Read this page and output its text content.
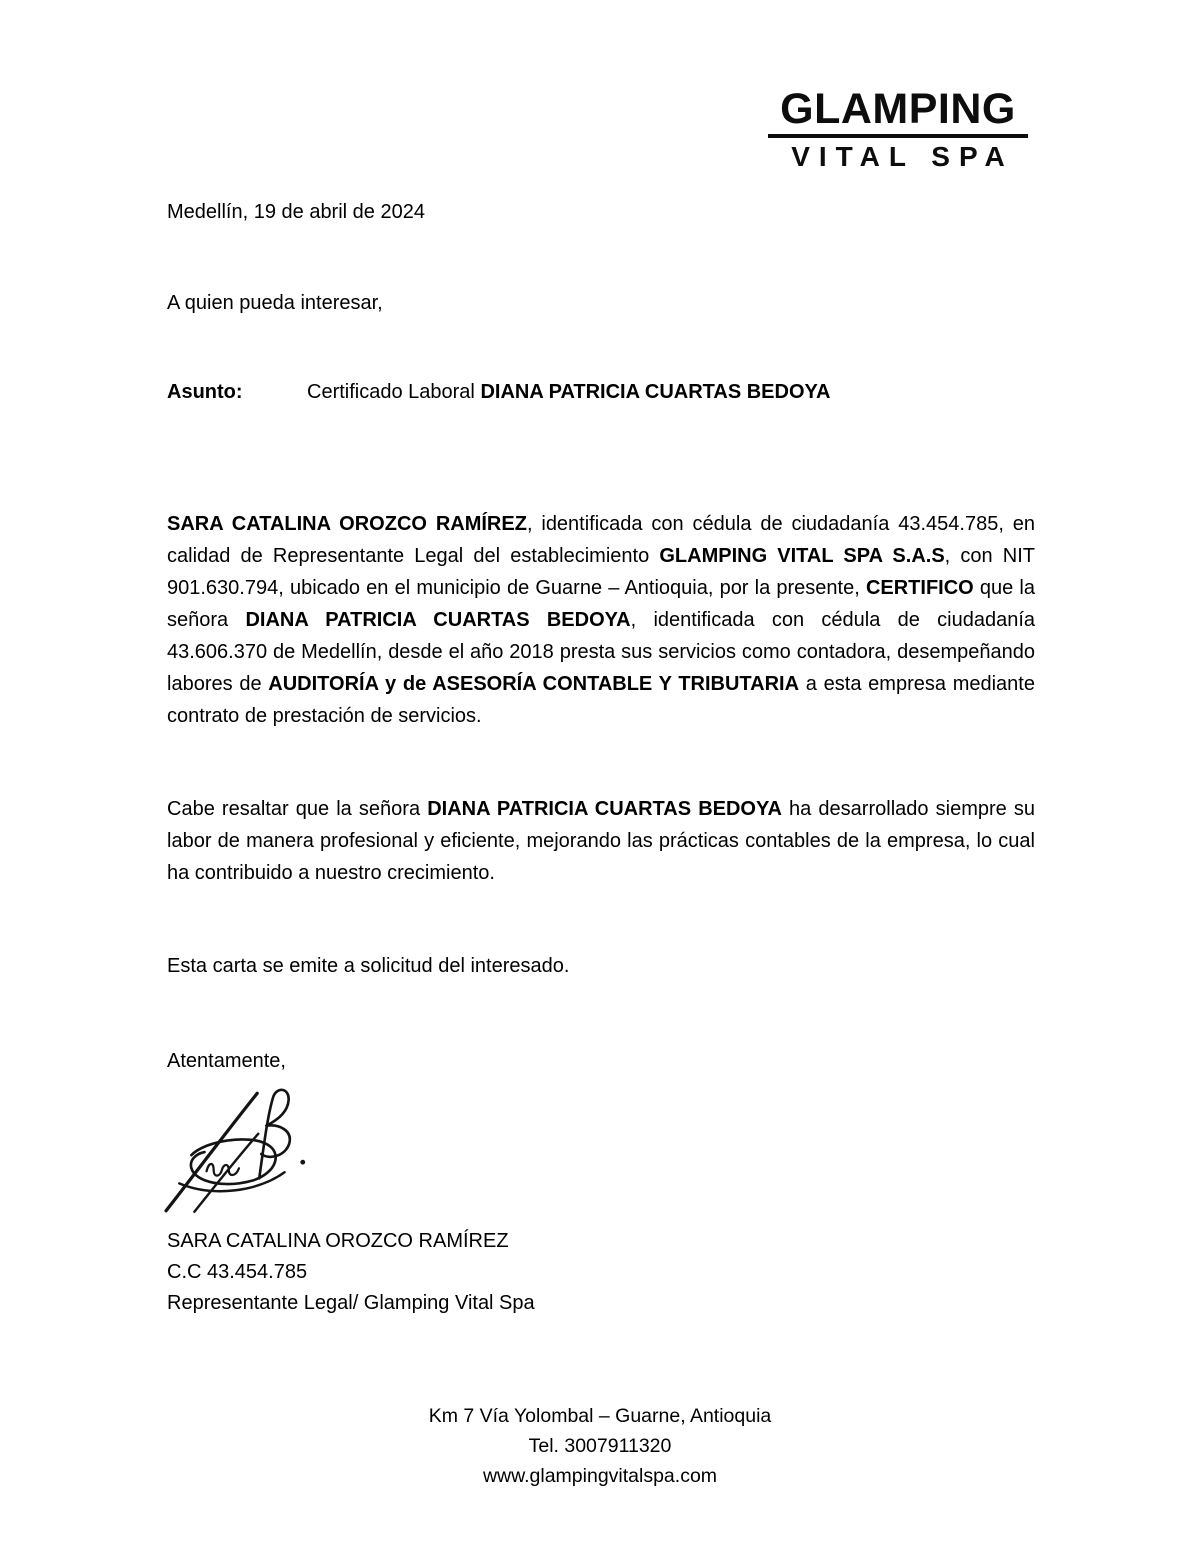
GLAMPING
VITAL SPA

Medellín, 19 de abril de 2024

A quien pueda interesar,

Asunto:	Certificado Laboral DIANA PATRICIA CUARTAS BEDOYA

SARA CATALINA OROZCO RAMÍREZ, identificada con cédula de ciudadanía 43.454.785, en calidad de Representante Legal del establecimiento GLAMPING VITAL SPA S.A.S, con NIT 901.630.794, ubicado en el municipio de Guarne – Antioquia, por la presente, CERTIFICO que la señora DIANA PATRICIA CUARTAS BEDOYA, identificada con cédula de ciudadanía 43.606.370 de Medellín, desde el año 2018 presta sus servicios como contadora, desempeñando labores de AUDITORÍA y de ASESORÍA CONTABLE Y TRIBUTARIA a esta empresa mediante contrato de prestación de servicios.

Cabe resaltar que la señora DIANA PATRICIA CUARTAS BEDOYA ha desarrollado siempre su labor de manera profesional y eficiente, mejorando las prácticas contables de la empresa, lo cual ha contribuido a nuestro crecimiento.

Esta carta se emite a solicitud del interesado.

Atentamente,

SARA CATALINA OROZCO RAMÍREZ
C.C 43.454.785
Representante Legal/ Glamping Vital Spa
Km 7 Vía Yolombal – Guarne, Antioquia
Tel. 3007911320
www.glampingvitalspa.com
